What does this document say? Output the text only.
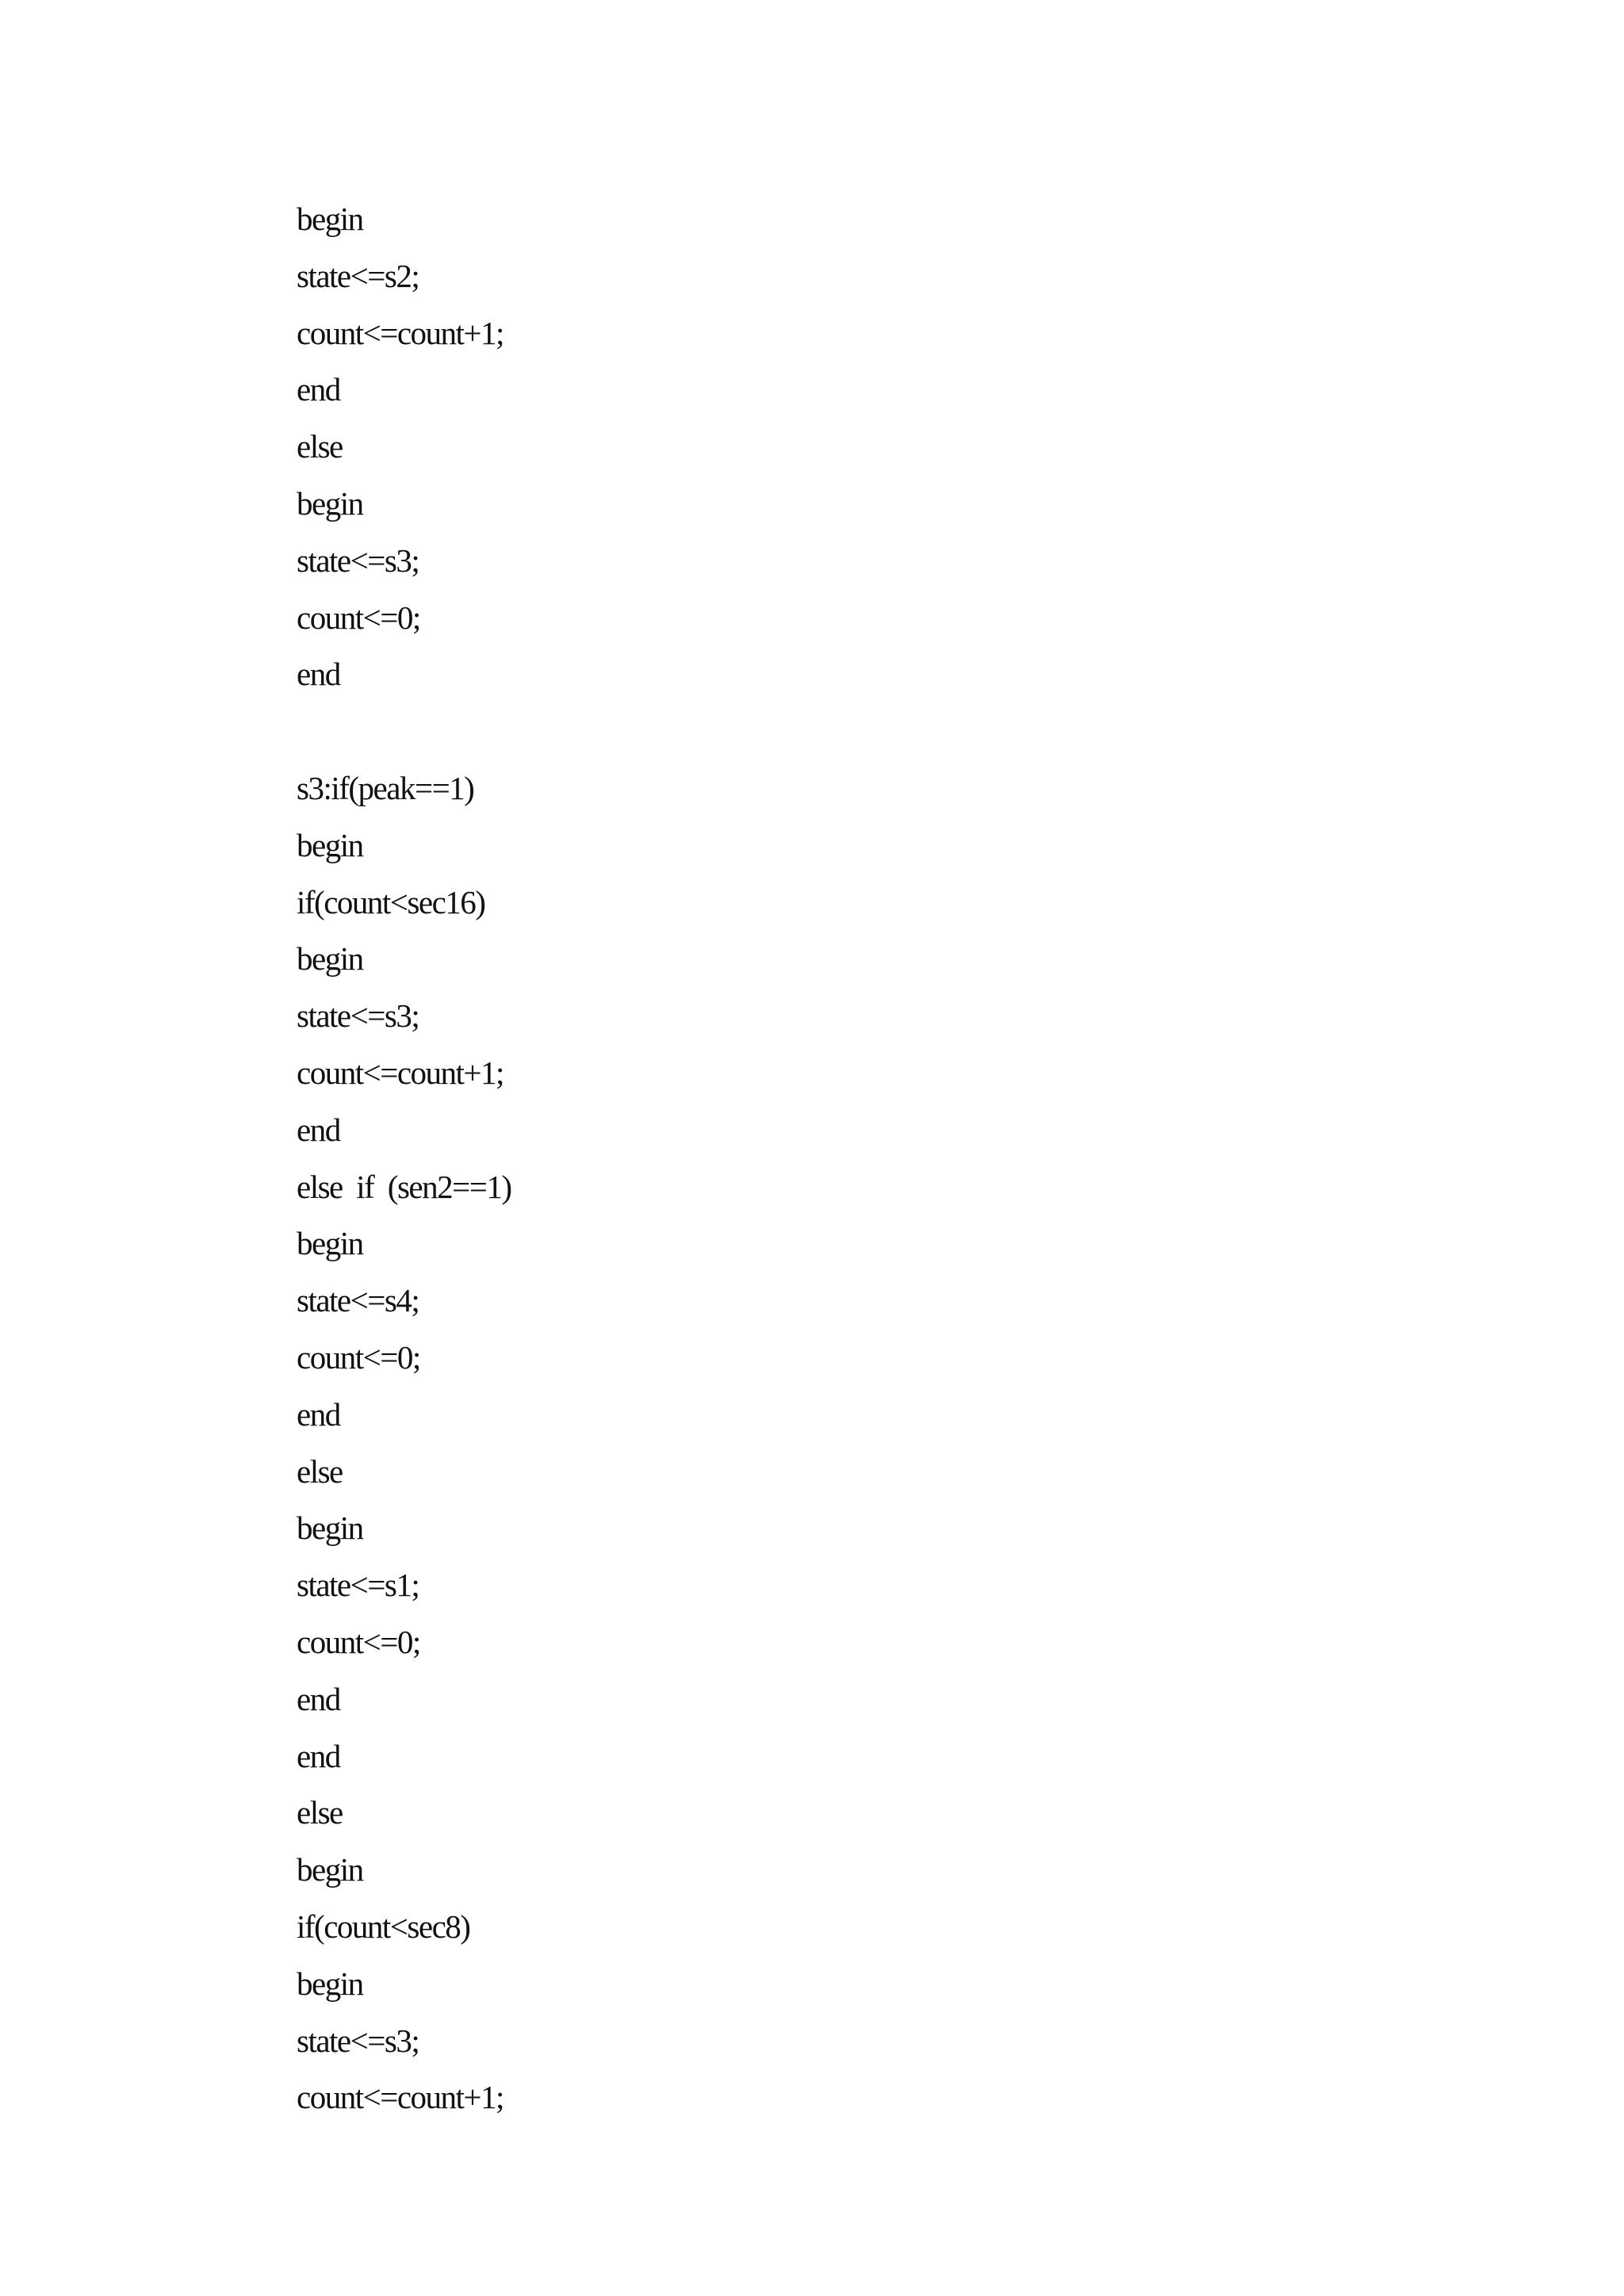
begin
state<=s2;
count<=count+1;
end
else
begin
state<=s3;
count<=0;
end
s3:if(peak==1)
begin
if(count<sec16)
begin
state<=s3;
count<=count+1;
end
else  if  (sen2==1)
begin
state<=s4;
count<=0;
end
else
begin
state<=s1;
count<=0;
end
end
else
begin
if(count<sec8)
begin
state<=s3;
count<=count+1;
